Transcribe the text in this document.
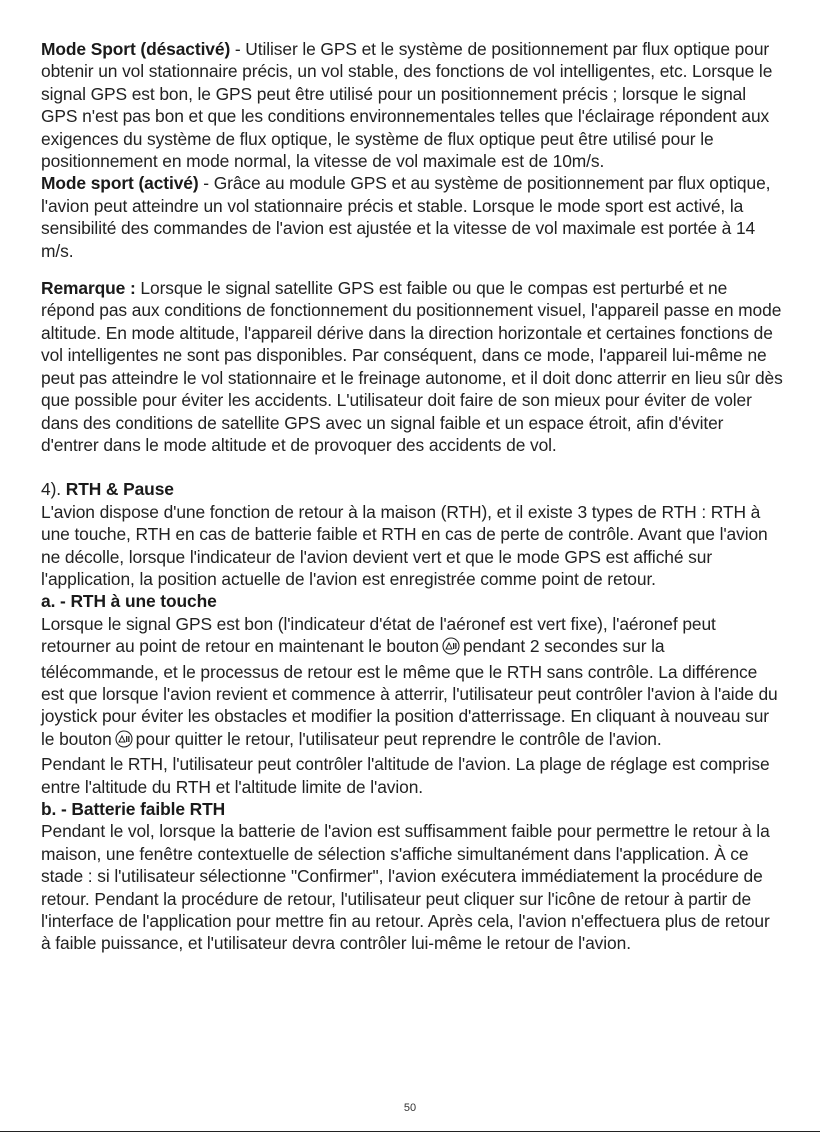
Mode Sport (désactivé) - Utiliser le GPS et le système de positionnement par flux optique pour obtenir un vol stationnaire précis, un vol stable, des fonctions de vol intelligentes, etc. Lorsque le signal GPS est bon, le GPS peut être utilisé pour un positionnement précis ; lorsque le signal GPS n'est pas bon et que les conditions environnementales telles que l'éclairage répondent aux exigences du système de flux optique, le système de flux optique peut être utilisé pour le positionnement en mode normal, la vitesse de vol maximale est de 10m/s.

Mode sport (activé) - Grâce au module GPS et au système de positionnement par flux optique, l'avion peut atteindre un vol stationnaire précis et stable. Lorsque le mode sport est activé, la sensibilité des commandes de l'avion est ajustée et la vitesse de vol maximale est portée à 14 m/s.

Remarque : Lorsque le signal satellite GPS est faible ou que le compas est perturbé et ne répond pas aux conditions de fonctionnement du positionnement visuel, l'appareil passe en mode altitude. En mode altitude, l'appareil dérive dans la direction horizontale et certaines fonctions de vol intelligentes ne sont pas disponibles. Par conséquent, dans ce mode, l'appareil lui-même ne peut pas atteindre le vol stationnaire et le freinage autonome, et il doit donc atterrir en lieu sûr dès que possible pour éviter les accidents. L'utilisateur doit faire de son mieux pour éviter de voler dans des conditions de satellite GPS avec un signal faible et un espace étroit, afin d'éviter d'entrer dans le mode altitude et de provoquer des accidents de vol.

4). RTH & Pause

L'avion dispose d'une fonction de retour à la maison (RTH), et il existe 3 types de RTH : RTH à une touche, RTH en cas de batterie faible et RTH en cas de perte de contrôle. Avant que l'avion ne décolle, lorsque l'indicateur de l'avion devient vert et que le mode GPS est affiché sur l'application, la position actuelle de l'avion est enregistrée comme point de retour.

a. - RTH à une touche

Lorsque le signal GPS est bon (l'indicateur d'état de l'aéronef est vert fixe), l'aéronef peut retourner au point de retour en maintenant le bouton pendant 2 secondes sur la télécommande, et le processus de retour est le même que le RTH sans contrôle. La différence est que lorsque l'avion revient et commence à atterrir, l'utilisateur peut contrôler l'avion à l'aide du joystick pour éviter les obstacles et modifier la position d'atterrissage. En cliquant à nouveau sur le bouton pour quitter le retour, l'utilisateur peut reprendre le contrôle de l'avion.

Pendant le RTH, l'utilisateur peut contrôler l'altitude de l'avion. La plage de réglage est comprise entre l'altitude du RTH et l'altitude limite de l'avion.

b. - Batterie faible RTH

Pendant le vol, lorsque la batterie de l'avion est suffisamment faible pour permettre le retour à la maison, une fenêtre contextuelle de sélection s'affiche simultanément dans l'application. À ce stade : si l'utilisateur sélectionne "Confirmer", l'avion exécutera immédiatement la procédure de retour. Pendant la procédure de retour, l'utilisateur peut cliquer sur l'icône de retour à partir de l'interface de l'application pour mettre fin au retour. Après cela, l'avion n'effectuera plus de retour à faible puissance, et l'utilisateur devra contrôler lui-même le retour de l'avion.

50
